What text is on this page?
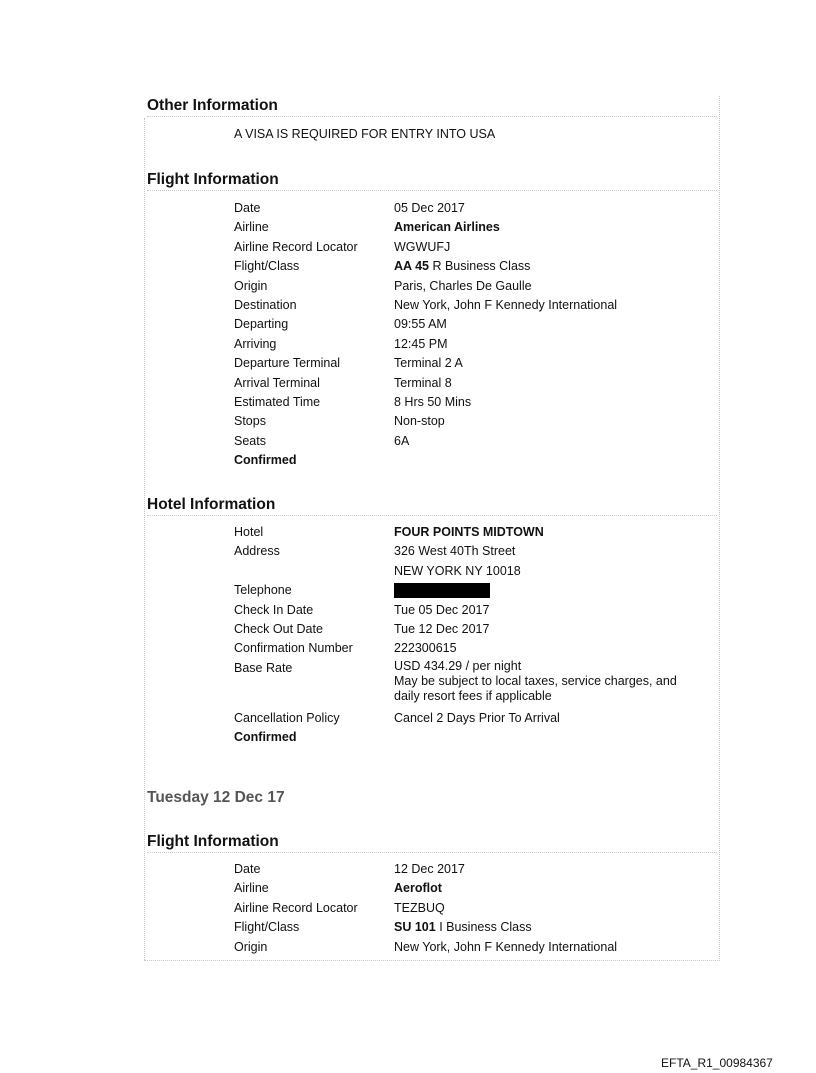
Other Information
A VISA IS REQUIRED FOR ENTRY INTO USA
Flight Information
Date	05 Dec 2017
Airline	American Airlines
Airline Record Locator	WGWUFJ
Flight/Class	AA 45 R Business Class
Origin	Paris, Charles De Gaulle
Destination	New York, John F Kennedy International
Departing	09:55 AM
Arriving	12:45 PM
Departure Terminal	Terminal 2 A
Arrival Terminal	Terminal 8
Estimated Time	8 Hrs 50 Mins
Stops	Non-stop
Seats	6A
Confirmed
Hotel Information
Hotel	FOUR POINTS MIDTOWN
Address	326 West 40Th Street
NEW YORK NY 10018
Telephone
Check In Date	Tue 05 Dec 2017
Check Out Date	Tue 12 Dec 2017
Confirmation Number	222300615
Base Rate	USD 434.29 / per night
May be subject to local taxes, service charges, and
daily resort fees if applicable
Cancellation Policy	Cancel 2 Days Prior To Arrival
Confirmed
Tuesday 12 Dec 17
Flight Information
Date	12 Dec 2017
Airline	Aeroflot
Airline Record Locator	TEZBUQ
Flight/Class	SU 101 I Business Class
Origin	New York, John F Kennedy International
EFTA_R1_00984367
